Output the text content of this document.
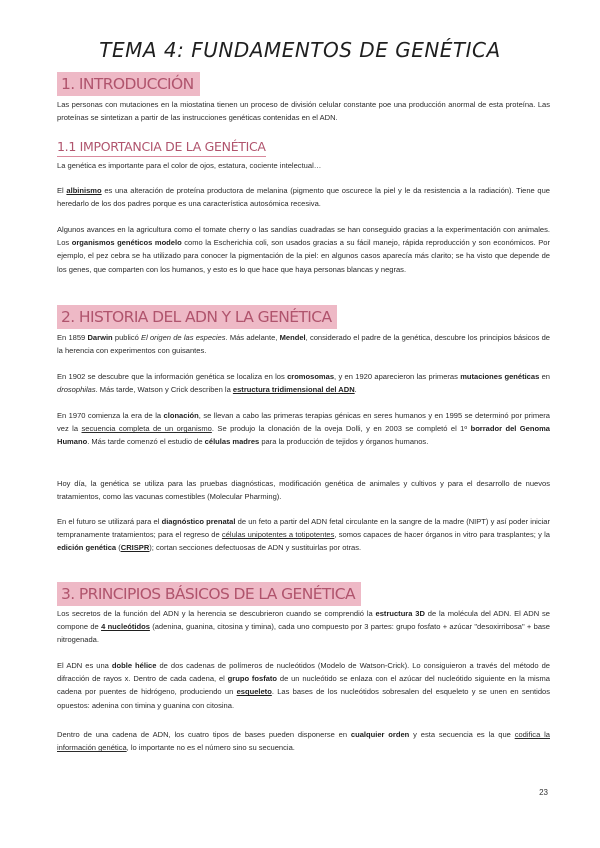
TEMA 4: FUNDAMENTOS DE GENÉTICA
1. INTRODUCCIÓN
Las personas con mutaciones en la miostatina tienen un proceso de división celular constante poe una producción anormal de esta proteína. Las proteínas se sintetizan a partir de las instrucciones genéticas contenidas en el ADN.
1.1 IMPORTANCIA DE LA GENÉTICA
La genética es importante para el color de ojos, estatura, cociente intelectual…
El albinismo es una alteración de proteína productora de melanina (pigmento que oscurece la piel y le da resistencia a la radiación). Tiene que heredarlo de los dos padres porque es una característica autosómica recesiva.
Algunos avances en la agricultura como el tomate cherry o las sandías cuadradas se han conseguido gracias a la experimentación con animales. Los organismos genéticos modelo como la Escherichia coli, son usados gracias a su fácil manejo, rápida reproducción y son económicos. Por ejemplo, el pez cebra se ha utilizado para conocer la pigmentación de la piel: en algunos casos aparecía más clarito; se ha visto que depende de los genes, que comparten con los humanos, y esto es lo que hace que haya personas blancas y negras.
2. HISTORIA DEL ADN Y LA GENÉTICA
En 1859 Darwin publicó El origen de las especies. Más adelante, Mendel, considerado el padre de la genética, descubre los principios básicos de la herencia con experimentos con guisantes.
En 1902 se descubre que la información genética se localiza en los cromosomas, y en 1920 aparecieron las primeras mutaciones genéticas en drosophilas. Más tarde, Watson y Crick describen la estructura tridimensional del ADN.
En 1970 comienza la era de la clonación, se llevan a cabo las primeras terapias génicas en seres humanos y en 1995 se determinó por primera vez la secuencia completa de un organismo. Se produjo la clonación de la oveja Dolli, y en 2003 se completó el 1º borrador del Genoma Humano. Más tarde comenzó el estudio de células madres para la producción de tejidos y órganos humanos.
Hoy día, la genética se utiliza para las pruebas diagnósticas, modificación genética de animales y cultivos y para el desarrollo de nuevos tratamientos, como las vacunas comestibles (Molecular Pharming).
En el futuro se utilizará para el diagnóstico prenatal de un feto a partir del ADN fetal circulante en la sangre de la madre (NIPT) y así poder iniciar tempranamente tratamientos; para el regreso de células unipotentes a totipotentes, somos capaces de hacer órganos in vitro para trasplantes; y la edición genética (CRISPR); cortan secciones defectuosas de ADN y sustituirlas por otras.
3. PRINCIPIOS BÁSICOS DE LA GENÉTICA
Los secretos de la función del ADN y la herencia se descubrieron cuando se comprendió la estructura 3D de la molécula del ADN. El ADN se compone de 4 nucleótidos (adenina, guanina, citosina y timina), cada uno compuesto por 3 partes: grupo fosfato + azúcar "desoxirribosa" + base nitrogenada.
El ADN es una doble hélice de dos cadenas de polímeros de nucleótidos (Modelo de Watson-Crick). Lo consiguieron a través del método de difracción de rayos x. Dentro de cada cadena, el grupo fosfato de un nucleótido se enlaza con el azúcar del nucleótido siguiente en la misma cadena por puentes de hidrógeno, produciendo un esqueleto. Las bases de los nucleótidos sobresalen del esqueleto y se unen en sentidos opuestos: adenina con timina y guanina con citosina.
Dentro de una cadena de ADN, los cuatro tipos de bases pueden disponerse en cualquier orden y esta secuencia es la que codifica la información genética, lo importante no es el número sino su secuencia.
23
